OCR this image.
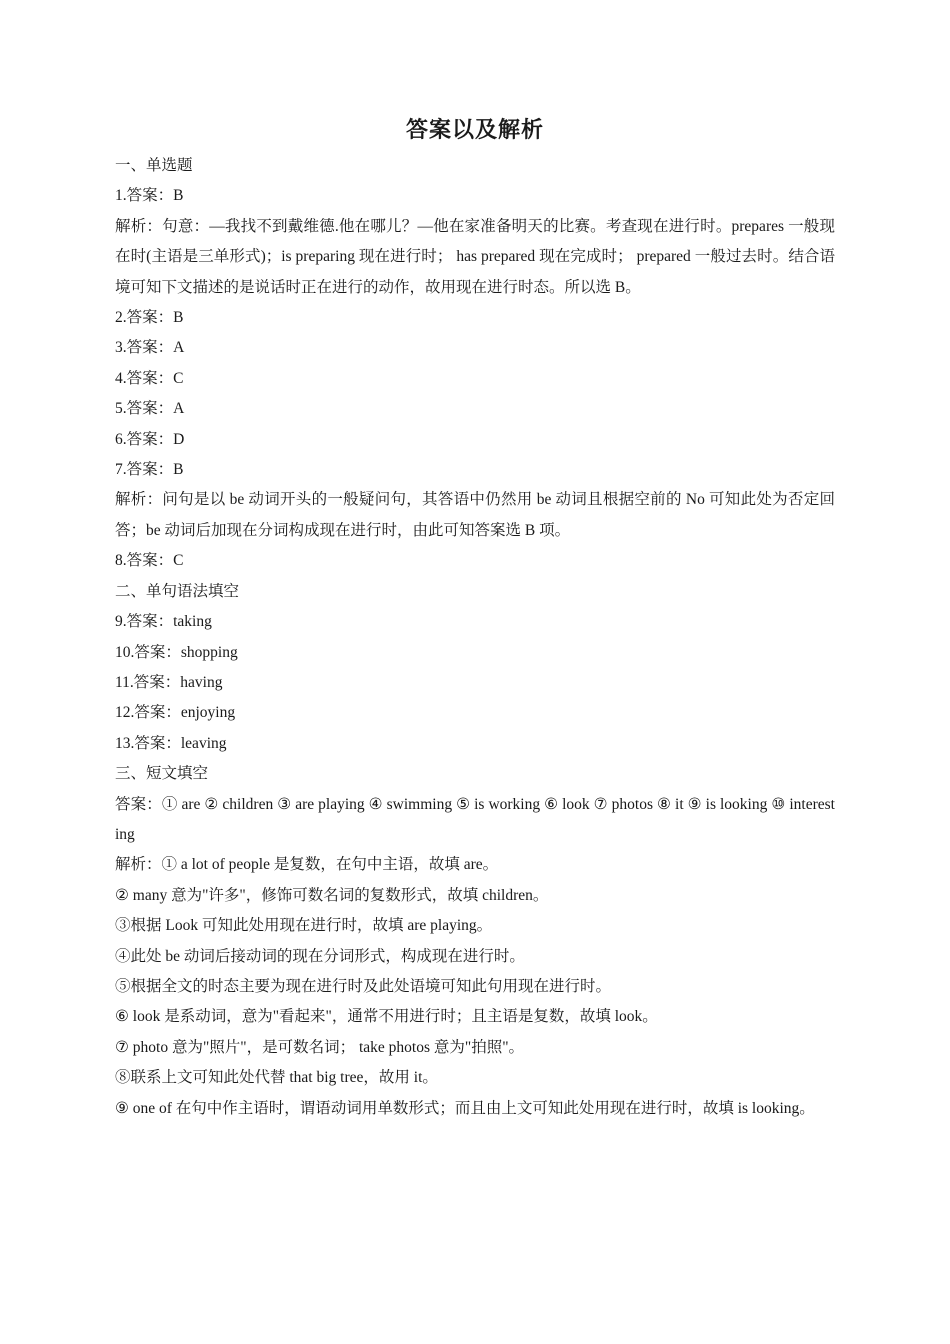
答案以及解析

一、单选题

1.答案：B

解析：句意：—我找不到戴维德.他在哪儿？—他在家准备明天的比赛。考查现在进行时。prepares 一般现在时(主语是三单形式)；is preparing 现在进行时； has prepared 现在完成时； prepared 一般过去时。结合语境可知下文描述的是说话时正在进行的动作，故用现在进行时态。所以选 B。

2.答案：B

3.答案：A

4.答案：C

5.答案：A

6.答案：D

7.答案：B

解析：问句是以 be 动词开头的一般疑问句，其答语中仍然用 be 动词且根据空前的 No 可知此处为否定回答；be 动词后加现在分词构成现在进行时，由此可知答案选 B 项。

8.答案：C

二、单句语法填空

9.答案：taking

10.答案：shopping

11.答案：having

12.答案：enjoying

13.答案：leaving

三、短文填空

答案：① are ② children ③ are playing ④ swimming ⑤ is working ⑥ look ⑦ photos ⑧ it ⑨ is looking ⑩ interesting

解析：① a lot of people 是复数，在句中主语，故填 are。

② many 意为"许多"，修饰可数名词的复数形式，故填 children。

③根据 Look 可知此处用现在进行时，故填 are playing。

④此处 be 动词后接动词的现在分词形式，构成现在进行时。

⑤根据全文的时态主要为现在进行时及此处语境可知此句用现在进行时。

⑥ look 是系动词，意为"看起来"，通常不用进行时；且主语是复数，故填 look。

⑦ photo 意为"照片"，是可数名词； take photos 意为"拍照"。

⑧联系上文可知此处代替 that big tree，故用 it。

⑨ one of 在句中作主语时，谓语动词用单数形式；而且由上文可知此处用现在进行时，故填 is looking。
